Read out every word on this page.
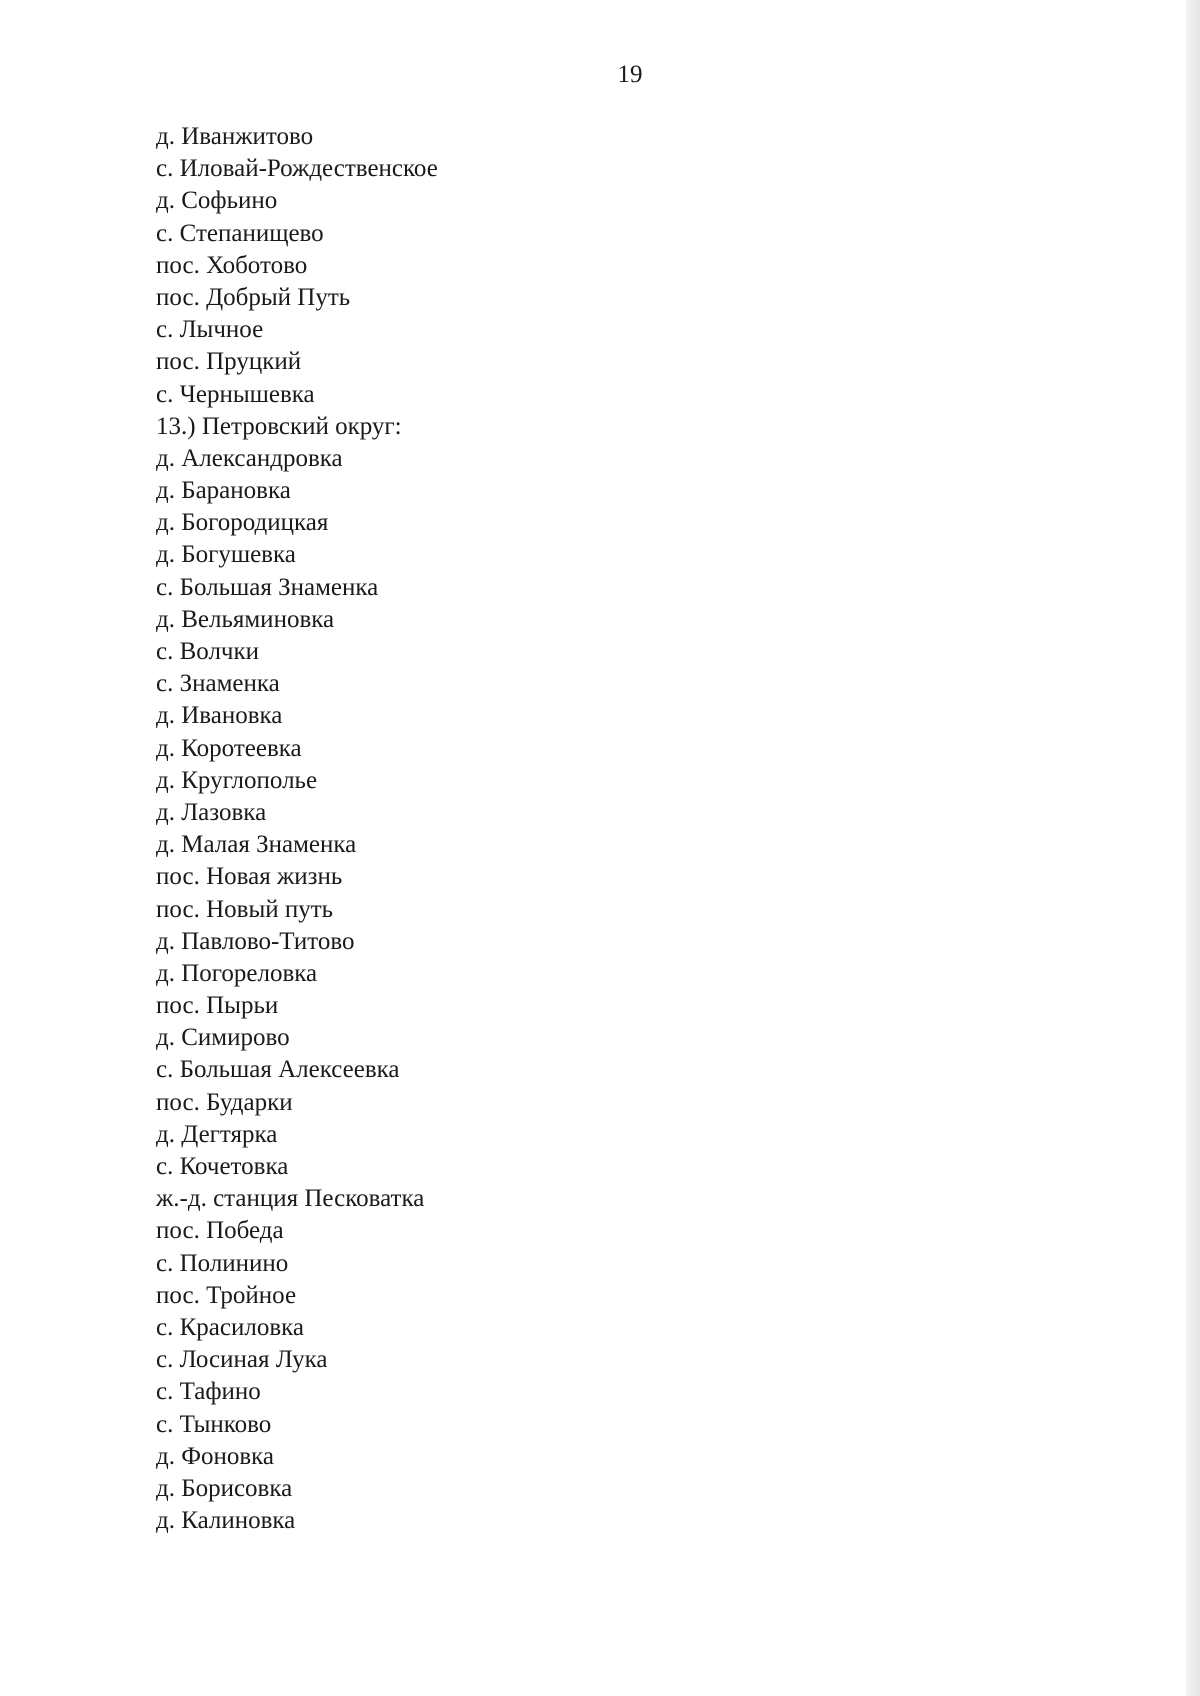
19
д. Иванжитово
с. Иловай-Рождественское
д. Софьино
с. Степанищево
пос. Хоботово
пос. Добрый Путь
с. Лычное
пос. Пруцкий
с. Чернышевка
13.) Петровский округ:
д. Александровка
д. Барановка
д. Богородицкая
д. Богушевка
с. Большая Знаменка
д. Вельяминовка
с. Волчки
с. Знаменка
д. Ивановка
д. Коротеевка
д. Круглополье
д. Лазовка
д. Малая Знаменка
пос. Новая жизнь
пос. Новый путь
д. Павлово-Титово
д. Погореловка
пос. Пырьи
д. Симирово
с. Большая Алексеевка
пос. Бударки
д. Дегтярка
с. Кочетовка
ж.-д. станция Песковатка
пос. Победа
с. Полинино
пос. Тройное
с. Красиловка
с. Лосиная Лука
с. Тафино
с. Тынково
д. Фоновка
д. Борисовка
д. Калиновка
